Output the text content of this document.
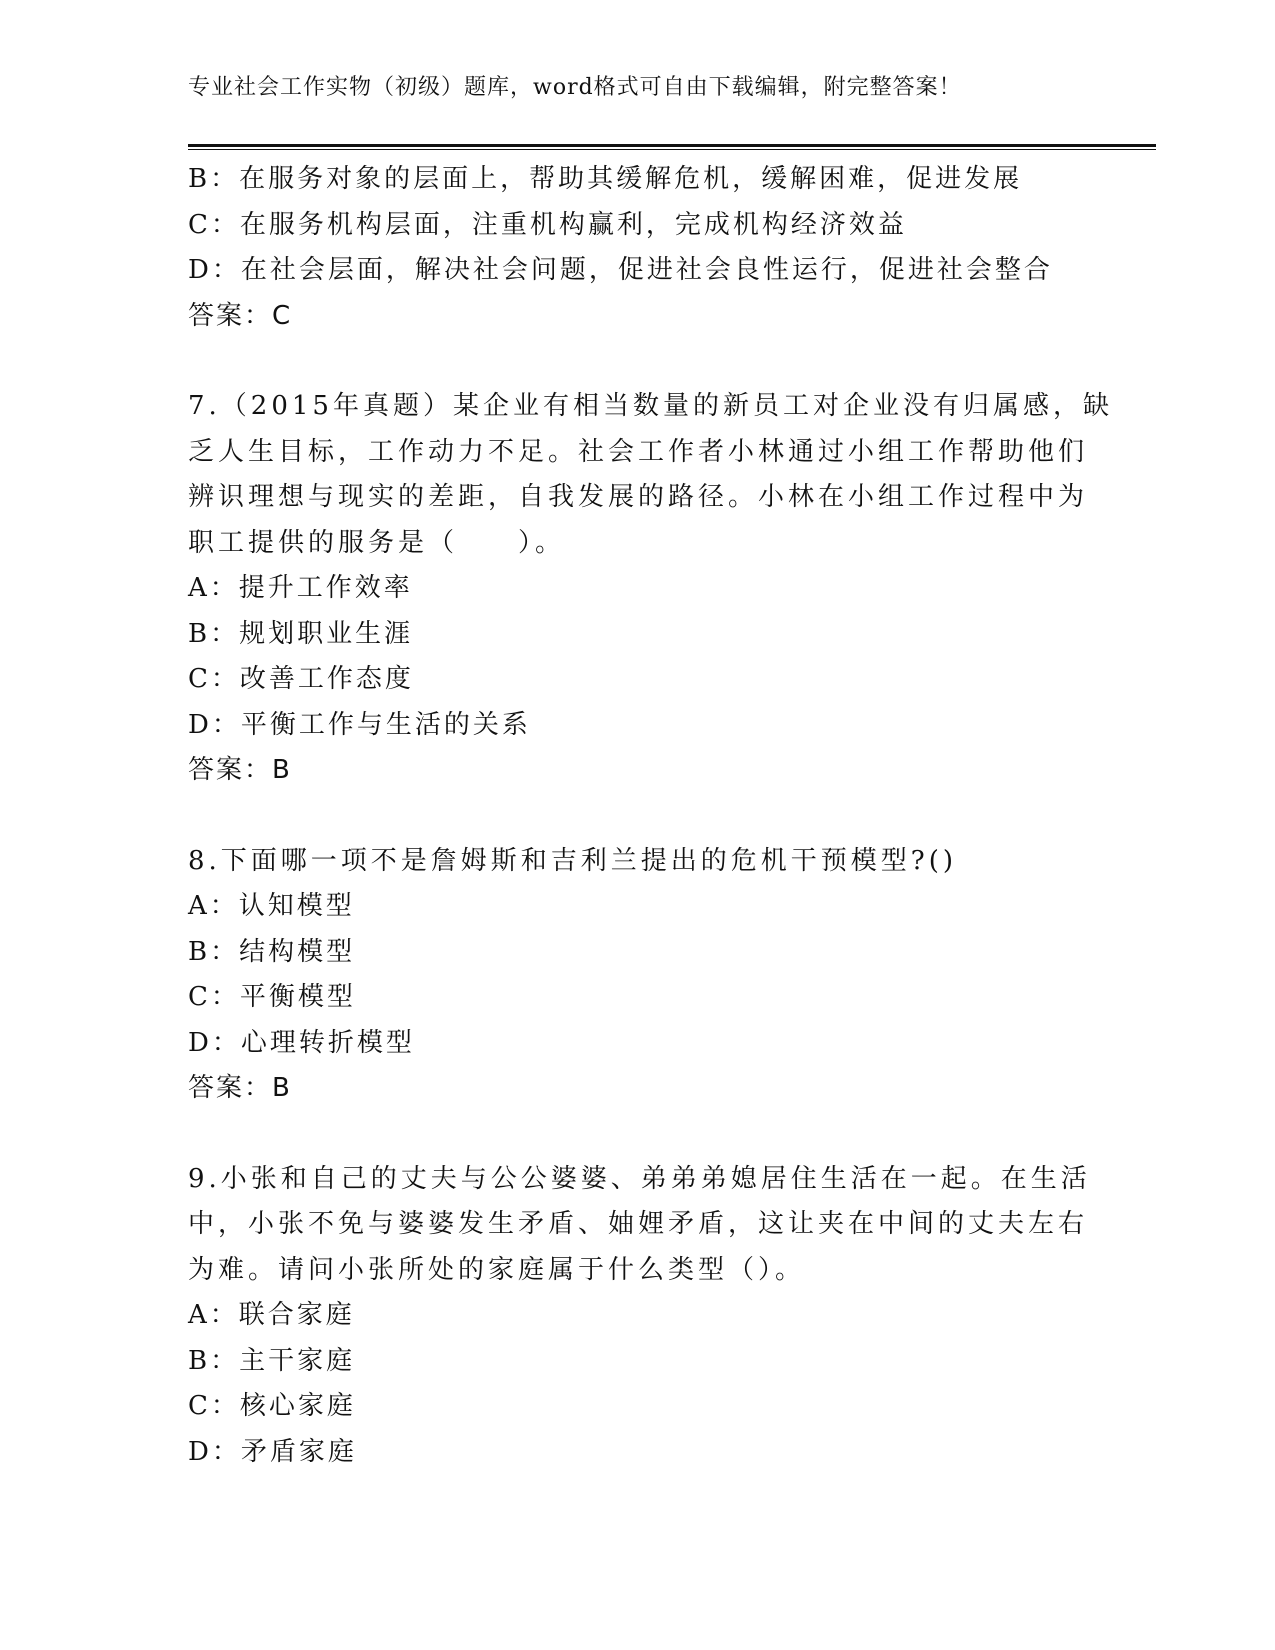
专业社会工作实物（初级）题库，word格式可自由下载编辑，附完整答案！
B：在服务对象的层面上，帮助其缓解危机，缓解困难，促进发展
C：在服务机构层面，注重机构赢利，完成机构经济效益
D：在社会层面，解决社会问题，促进社会良性运行，促进社会整合
答案：C
7.（2015年真题）某企业有相当数量的新员工对企业没有归属感，缺
乏人生目标，工作动力不足。社会工作者小林通过小组工作帮助他们
辨识理想与现实的差距，自我发展的路径。小林在小组工作过程中为
职工提供的服务是（　　）。
A：提升工作效率
B：规划职业生涯
C：改善工作态度
D：平衡工作与生活的关系
答案：B
8.下面哪一项不是詹姆斯和吉利兰提出的危机干预模型?()
A：认知模型
B：结构模型
C：平衡模型
D：心理转折模型
答案：B
9.小张和自己的丈夫与公公婆婆、弟弟弟媳居住生活在一起。在生活
中，小张不免与婆婆发生矛盾、妯娌矛盾，这让夹在中间的丈夫左右
为难。请问小张所处的家庭属于什么类型（）。
A：联合家庭
B：主干家庭
C：核心家庭
D：矛盾家庭
